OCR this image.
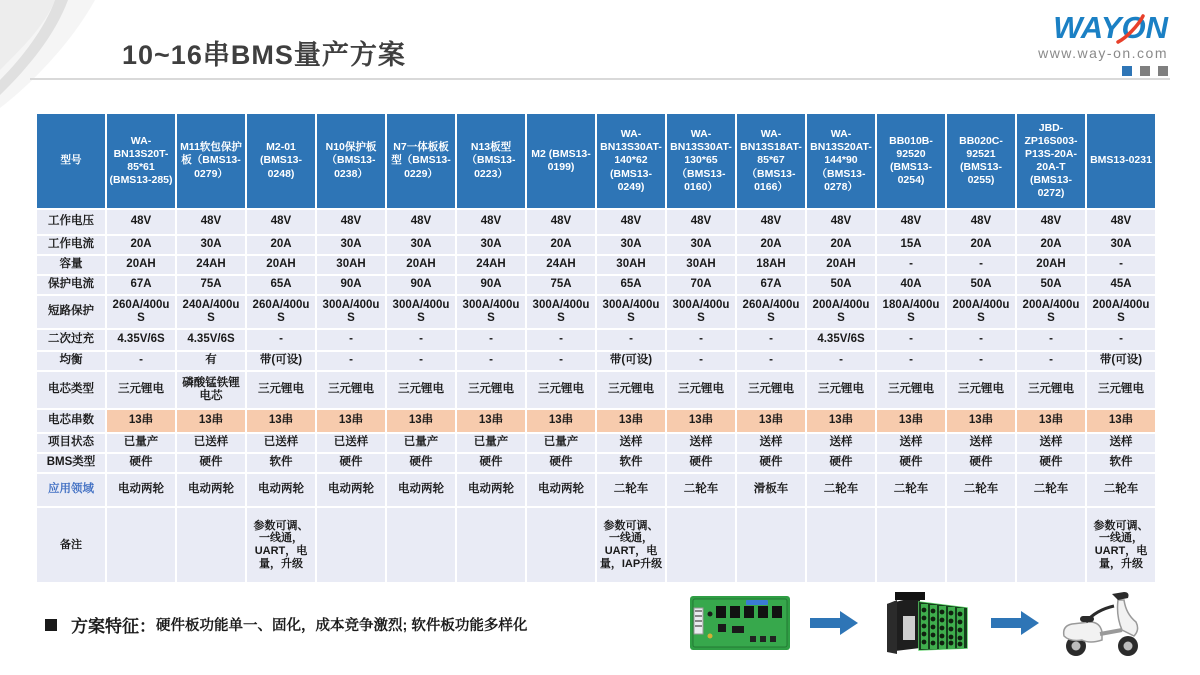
10~16串BMS量产方案
WAYON
www.way-on.com
型号	WA-BN13S20T-85*61 (BMS13-285)	M11软包保护板（BMS13-0279）	M2-01 (BMS13-0248)	N10保护板（BMS13-0238）	N7一体板板型（BMS13-0229）	N13板型（BMS13-0223）	M2 (BMS13-0199)	WA-BN13S30AT-140*62 (BMS13-0249)	WA-BN13S30AT-130*65 （BMS13-0160）	WA-BN13S18AT-85*67（BMS13-0166）	WA-BN13S20AT-144*90（BMS13-0278）	BB010B-92520 (BMS13-0254)	BB020C-92521 (BMS13-0255)	JBD-ZP16S003-P13S-20A-20A-T (BMS13-0272)	BMS13-0231
工作电压	48V	48V	48V	48V	48V	48V	48V	48V	48V	48V	48V	48V	48V	48V	48V
工作电流	20A	30A	20A	30A	30A	30A	20A	30A	30A	20A	20A	15A	20A	20A	30A
容量	20AH	24AH	20AH	30AH	20AH	24AH	24AH	30AH	30AH	18AH	20AH	-	-	20AH	-
保护电流	67A	75A	65A	90A	90A	90A	75A	65A	70A	67A	50A	40A	50A	50A	45A
短路保护	260A/400uS	240A/400uS	260A/400uS	300A/400uS	300A/400uS	300A/400uS	300A/400uS	300A/400uS	300A/400uS	260A/400uS	200A/400uS	180A/400uS	200A/400uS	200A/400uS	200A/400uS
二次过充	4.35V/6S	4.35V/6S	-	-	-	-	-	-	-	-	4.35V/6S	-	-	-	-
均衡	-	有	带(可设)	-	-	-	-	带(可设)	-	-	-	-	-	-	带(可设)
电芯类型	三元锂电	磷酸锰铁锂电芯	三元锂电	三元锂电	三元锂电	三元锂电	三元锂电	三元锂电	三元锂电	三元锂电	三元锂电	三元锂电	三元锂电	三元锂电	三元锂电
电芯串数	13串	13串	13串	13串	13串	13串	13串	13串	13串	13串	13串	13串	13串	13串	13串
项目状态	已量产	已送样	已送样	已送样	已量产	已量产	已量产	送样	送样	送样	送样	送样	送样	送样	送样
BMS类型	硬件	硬件	软件	硬件	硬件	硬件	硬件	软件	硬件	硬件	硬件	硬件	硬件	硬件	软件
应用领域	电动两轮	电动两轮	电动两轮	电动两轮	电动两轮	电动两轮	电动两轮	二轮车	二轮车	滑板车	二轮车	二轮车	二轮车	二轮车	二轮车
备注			参数可调、一线通，UART，电量，升级					参数可调、一线通，UART，电量，IAP升级							参数可调、一线通，UART，电量，升级
方案特征： 硬件板功能单一、固化，成本竞争激烈; 软件板功能多样化
